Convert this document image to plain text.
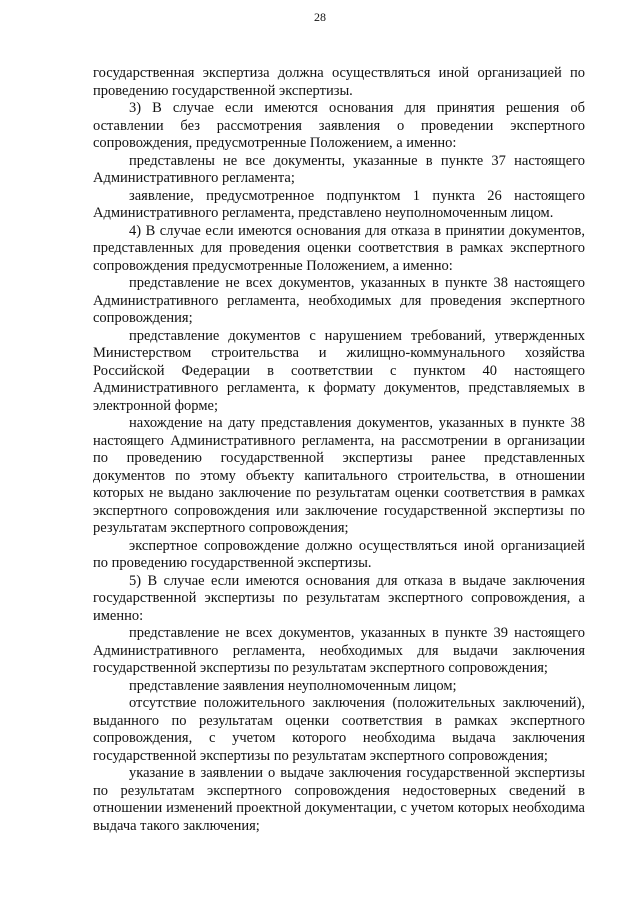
28

государственная экспертиза должна осуществляться иной организацией по проведению государственной экспертизы.

3) В случае если имеются основания для принятия решения об оставлении без рассмотрения заявления о проведении экспертного сопровождения, предусмотренные Положением, а именно:

представлены не все документы, указанные в пункте 37 настоящего Административного регламента;

заявление, предусмотренное подпунктом 1 пункта 26 настоящего Административного регламента, представлено неуполномоченным лицом.

4) В случае если имеются основания для отказа в принятии документов, представленных для проведения оценки соответствия в рамках экспертного сопровождения предусмотренные Положением, а именно:

представление не всех документов, указанных в пункте 38 настоящего Административного регламента, необходимых для проведения экспертного сопровождения;

представление документов с нарушением требований, утвержденных Министерством строительства и жилищно-коммунального хозяйства Российской Федерации в соответствии с пунктом 40 настоящего Административного регламента, к формату документов, представляемых в электронной форме;

нахождение на дату представления документов, указанных в пункте 38 настоящего Административного регламента, на рассмотрении в организации по проведению государственной экспертизы ранее представленных документов по этому объекту капитального строительства, в отношении которых не выдано заключение по результатам оценки соответствия в рамках экспертного сопровождения или заключение государственной экспертизы по результатам экспертного сопровождения;

экспертное сопровождение должно осуществляться иной организацией по проведению государственной экспертизы.

5) В случае если имеются основания для отказа в выдаче заключения государственной экспертизы по результатам экспертного сопровождения, а именно:

представление не всех документов, указанных в пункте 39 настоящего Административного регламента, необходимых для выдачи заключения государственной экспертизы по результатам экспертного сопровождения;

представление заявления неуполномоченным лицом;

отсутствие положительного заключения (положительных заключений), выданного по результатам оценки соответствия в рамках экспертного сопровождения, с учетом которого необходима выдача заключения государственной экспертизы по результатам экспертного сопровождения;

указание в заявлении о выдаче заключения государственной экспертизы по результатам экспертного сопровождения недостоверных сведений в отношении изменений проектной документации, с учетом которых необходима выдача такого заключения;
